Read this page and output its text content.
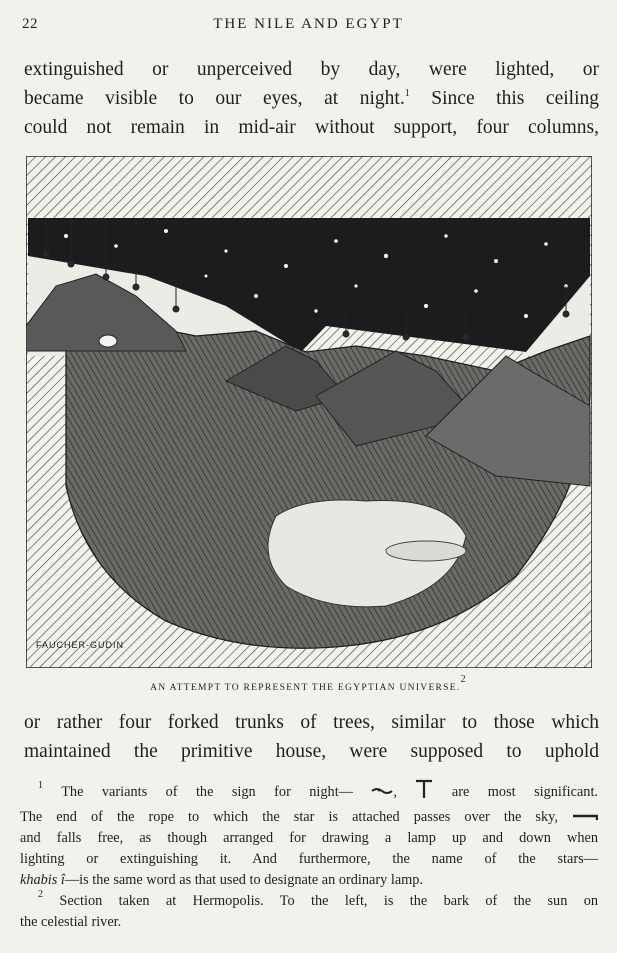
22	THE NILE AND EGYPT
extinguished or unperceived by day, were lighted, or
became visible to our eyes, at night.$^1$ Since this ceiling
could not remain in mid-air without support, four columns,
FAUCHER-GUDIN
AN ATTEMPT TO REPRESENT THE EGYPTIAN UNIVERSE.$^2$
or rather four forked trunks of trees, similar to those which
maintained the primitive house, were supposed to uphold
$^1$ The variants of the sign for night—	,	are most significant.
The end of the rope to which the star is attached passes over the sky,
and falls free, as though arranged for drawing a lamp up and down when
lighting or extinguishing it. And furthermore, the name of the stars—
khabis î—is the same word as that used to designate an ordinary lamp.
$^2$ Section taken at Hermopolis. To the left, is the bark of the sun on
the celestial river.
